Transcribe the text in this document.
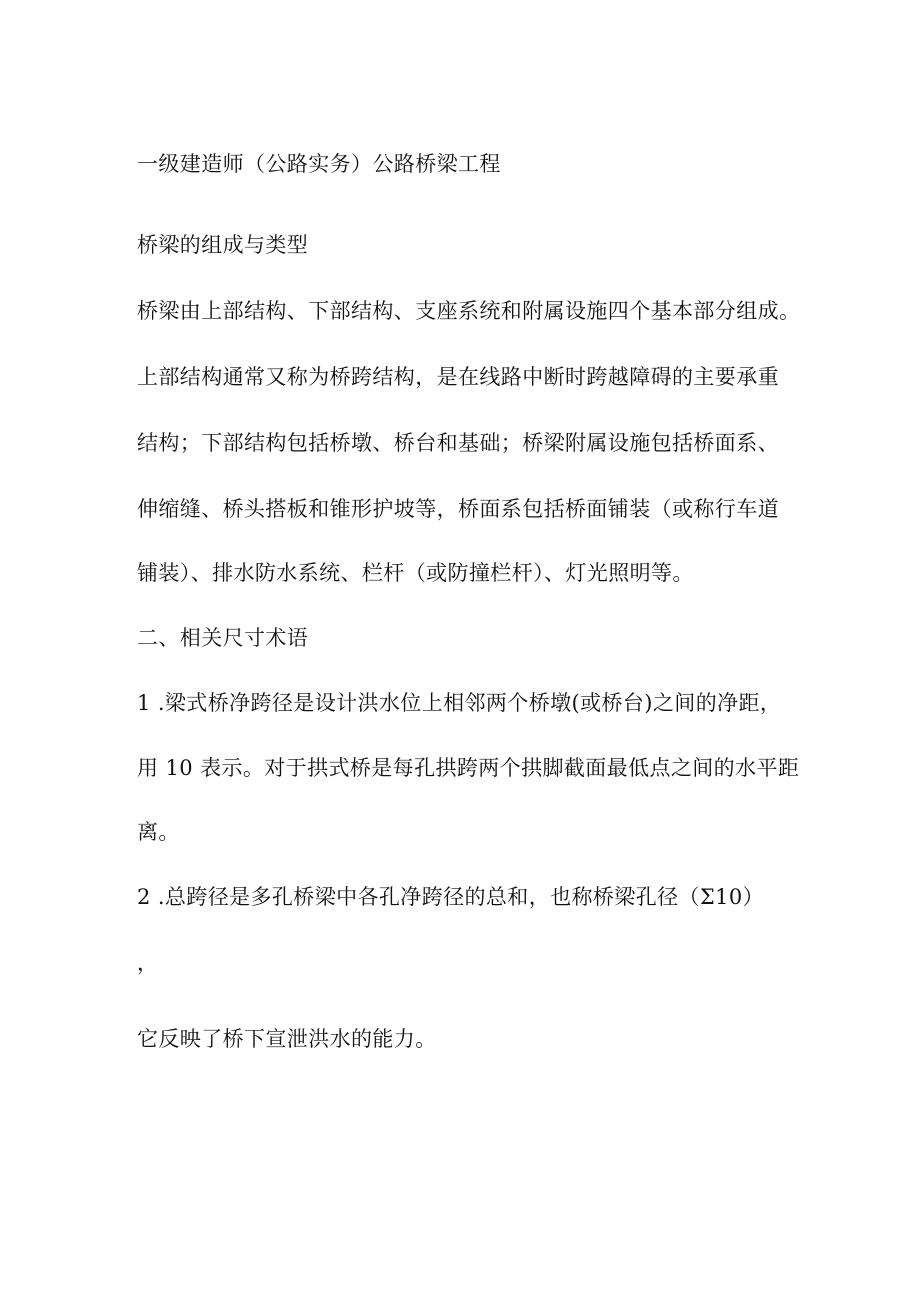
一级建造师（公路实务）公路桥梁工程

桥梁的组成与类型

桥梁由上部结构、下部结构、支座系统和附属设施四个基本部分组成。

上部结构通常又称为桥跨结构，是在线路中断时跨越障碍的主要承重

结构；下部结构包括桥墩、桥台和基础；桥梁附属设施包括桥面系、

伸缩缝、桥头搭板和锥形护坡等，桥面系包括桥面铺装（或称行车道

铺装）、排水防水系统、栏杆（或防撞栏杆）、灯光照明等。

二、相关尺寸术语

1 .梁式桥净跨径是设计洪水位上相邻两个桥墩(或桥台)之间的净距，

用 10 表示。对于拱式桥是每孔拱跨两个拱脚截面最低点之间的水平距

离。

2 .总跨径是多孔桥梁中各孔净跨径的总和，也称桥梁孔径（Σ10）

，

它反映了桥下宣泄洪水的能力。
